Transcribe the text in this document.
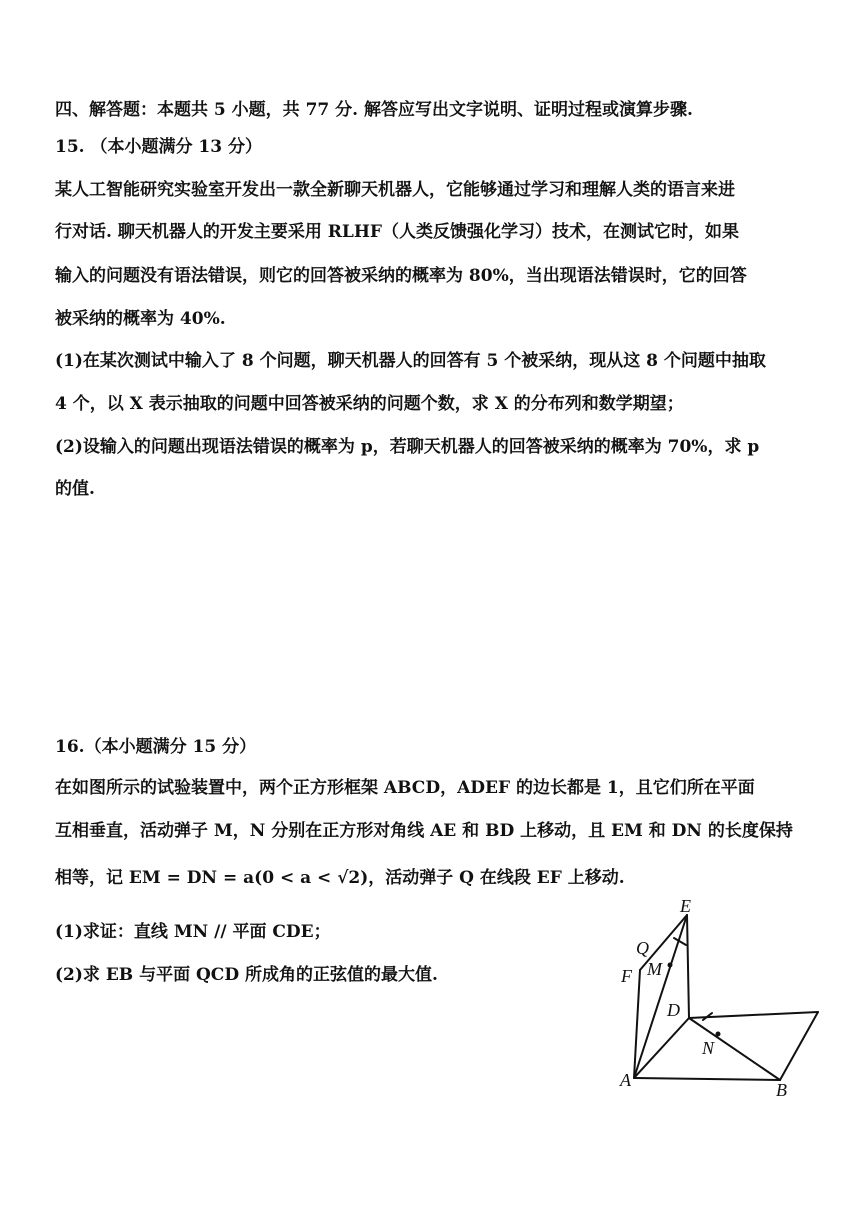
四、解答题：本题共 5 小题，共 77 分. 解答应写出文字说明、证明过程或演算步骤.
15. （本小题满分 13 分）
某人工智能研究实验室开发出一款全新聊天机器人，它能够通过学习和理解人类的语言来进
行对话. 聊天机器人的开发主要采用 RLHF（人类反馈强化学习）技术，在测试它时，如果
输入的问题没有语法错误，则它的回答被采纳的概率为 80%，当出现语法错误时，它的回答
被采纳的概率为 40%.
(1)在某次测试中输入了 8 个问题，聊天机器人的回答有 5 个被采纳，现从这 8 个问题中抽取
4 个，以 X 表示抽取的问题中回答被采纳的问题个数，求 X 的分布列和数学期望；
(2)设输入的问题出现语法错误的概率为 p，若聊天机器人的回答被采纳的概率为 70%，求 p
的值.
16.（本小题满分 15 分）
在如图所示的试验装置中，两个正方形框架 ABCD，ADEF 的边长都是 1，且它们所在平面
互相垂直，活动弹子 M，N 分别在正方形对角线 AE 和 BD 上移动，且 EM 和 DN 的长度保持
相等，记 EM = DN = a(0 < a < √2)，活动弹子 Q 在线段 EF 上移动.
(1)求证：直线 MN // 平面 CDE；
(2)求 EB 与平面 QCD 所成角的正弦值的最大值.
E
Q
M
F
D
N
A	B
